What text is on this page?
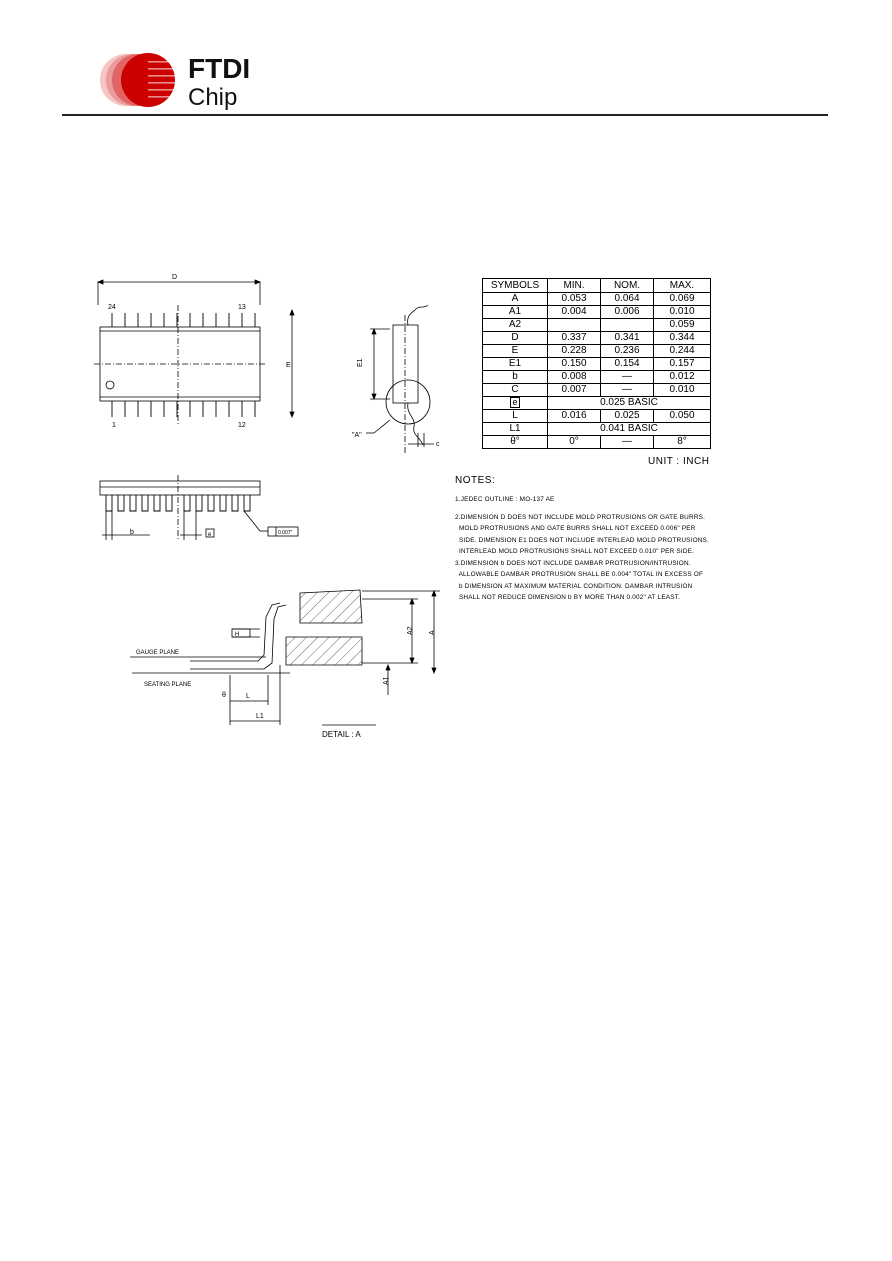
FTDI
Chip
D
24	13
1	12
E	E1
"A"
c
b	e	0.007"
GAUGE PLANE
SEATING PLANE
θ	L
L1
H	A2 A
A1
DETAIL : A
SYMBOLS	MIN.	NOM.	MAX.
A	0.053	0.064	0.069
A1	0.004	0.006	0.010
A2			0.059
D	0.337	0.341	0.344
E	0.228	0.236	0.244
E1	0.150	0.154	0.157
b	0.008	—	0.012
C	0.007	—	0.010
e	0.025 BASIC		
L	0.016	0.025	0.050
L1	0.041 BASIC		
θ°	0°	—	8°
UNIT : INCH
NOTES:

1.JEDEC OUTLINE : MO-137 AE

2.DIMENSION D DOES NOT INCLUDE MOLD PROTRUSIONS OR GATE BURRS.
MOLD PROTRUSIONS AND GATE BURRS SHALL NOT EXCEED 0.006" PER
SIDE. DIMENSION E1 DOES NOT INCLUDE INTERLEAD MOLD PROTRUSIONS.
INTERLEAD MOLD PROTRUSIONS SHALL NOT EXCEED 0.010" PER SIDE.

3.DIMENSION b DOES NOT INCLUDE DAMBAR PROTRUSION/INTRUSION.
ALLOWABLE DAMBAR PROTRUSION SHALL BE 0.004" TOTAL IN EXCESS OF
b DIMENSION AT MAXIMUM MATERIAL CONDITION. DAMBAR INTRUSION
SHALL NOT REDUCE DIMENSION b BY MORE THAN 0.002" AT LEAST.
